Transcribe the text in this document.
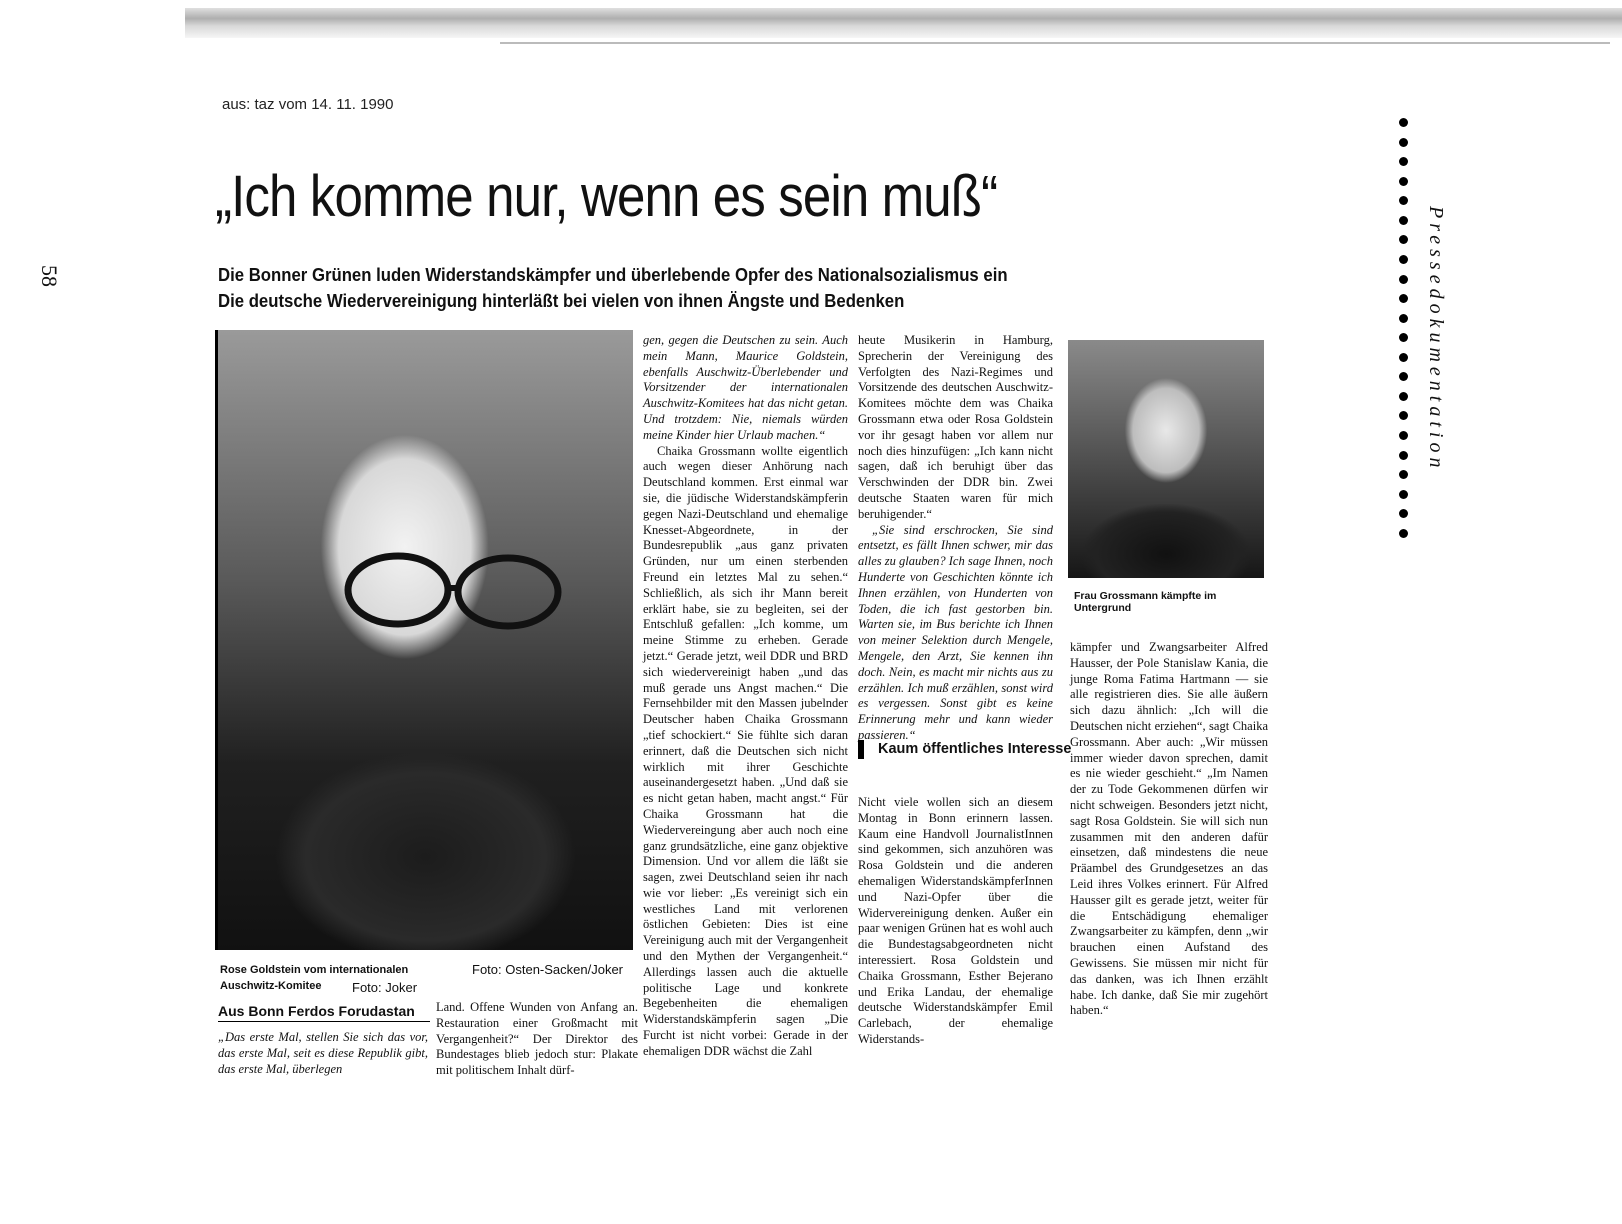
aus: taz vom 14. 11. 1990
58
„Ich komme nur, wenn es sein muß“
Die Bonner Grünen luden Widerstandskämpfer und überlebende Opfer des Nationalsozialismus ein
Die deutsche Wiedervereinigung hinterläßt bei vielen von ihnen Ängste und Bedenken
Foto: Osten-Sacken/Joker
Rose Goldstein vom internationalen Auschwitz-Komitee	Foto: Joker
Aus Bonn Ferdos Forudastan

„Das erste Mal, stellen Sie sich das vor, das erste Mal, seit es diese Republik gibt, das erste Mal, überlegen

Land. Offene Wunden von Anfang an. Restauration einer Großmacht mit Vergangenheit?“ Der Direktor des Bundestages blieb jedoch stur: Plakate mit politischem Inhalt dürf-

gen, gegen die Deutschen zu sein. Auch mein Mann, Maurice Goldstein, ebenfalls Auschwitz-Überlebender und Vorsitzender der internationalen Auschwitz-Komitees hat das nicht getan. Und trotzdem: Nie, niemals würden meine Kinder hier Urlaub machen.“

Chaika Grossmann wollte eigentlich auch wegen dieser Anhörung nach Deutschland kommen. Erst einmal war sie, die jüdische Widerstandskämpferin gegen Nazi-Deutschland und ehemalige Knesset-Abgeordnete, in der Bundesrepublik „aus ganz privaten Gründen, nur um einen sterbenden Freund ein letztes Mal zu sehen.“ Schließlich, als sich ihr Mann bereit erklärt habe, sie zu begleiten, sei der Entschluß gefallen: „Ich komme, um meine Stimme zu erheben. Gerade jetzt.“ Gerade jetzt, weil DDR und BRD sich wiedervereinigt haben „und das muß gerade uns Angst machen.“ Die Fernsehbilder mit den Massen jubelnder Deutscher haben Chaika Grossmann „tief schockiert.“ Sie fühlte sich daran erinnert, daß die Deutschen sich nicht wirklich mit ihrer Geschichte auseinandergesetzt haben. „Und daß sie es nicht getan haben, macht angst.“ Für Chaika Grossmann hat die Wiedervereingung aber auch noch eine ganz grundsätzliche, eine ganz objektive Dimension. Und vor allem die läßt sie sagen, zwei Deutschland seien ihr nach wie vor lieber: „Es vereinigt sich ein westliches Land mit verlorenen östlichen Gebieten: Dies ist eine Vereinigung auch mit der Vergangenheit und den Mythen der Vergangenheit.“ Allerdings lassen auch die aktuelle politische Lage und konkrete Begebenheiten die ehemaligen Widerstands⁠kämpferin sagen „Die Furcht ist nicht vorbei: Gerade in der ehemaligen DDR wächst die Zahl

heute Musikerin in Hamburg, Sprecherin der Vereinigung des Verfolgten des Nazi-Regimes und Vorsitzende des deutschen Auschwitz-Komitees möchte dem was Chaika Grossmann etwa oder Rosa Goldstein vor ihr gesagt haben vor allem nur noch dies hinzufügen: „Ich kann nicht sagen, daß ich beruhigt über das Verschwinden der DDR bin. Zwei deutsche Staaten waren für mich beruhigender.“

„Sie sind erschrocken, Sie sind entsetzt, es fällt Ihnen schwer, mir das alles zu glauben? Ich sage Ihnen, noch Hunderte von Geschichten könnte ich Ihnen erzählen, von Hunderten von Toden, die ich fast gestorben bin. Warten sie, im Bus berichte ich Ihnen von meiner Selektion durch Mengele, Mengele, den Arzt, Sie kennen ihn doch. Nein, es macht mir nichts aus zu erzählen. Ich muß erzählen, sonst wird es vergessen. Sonst gibt es keine Erinnerung mehr und kann wieder passieren.“

Kaum öffentliches Interesse

Nicht viele wollen sich an diesem Montag in Bonn erinnern lassen. Kaum eine Handvoll JournalistInnen sind gekommen, sich anzuhören was Rosa Goldstein und die anderen ehemaligen WiderstandskämpferInnen und Nazi-Opfer über die Widervereinigung denken. Außer ein paar wenigen Grünen hat es wohl auch die Bundestagsabgeordneten nicht interessiert. Rosa Goldstein und Chaika Grossmann, Esther Bejerano und Erika Landau, der ehemalige deutsche Widerstandskämpfer Emil Carlebach, der ehemalige Widerstands-

Frau Grossmann kämpfte im Untergrund

kämpfer und Zwangsarbeiter Alfred Hausser, der Pole Stanislaw Kania, die junge Roma Fatima Hartmann — sie alle registrieren dies. Sie alle äußern sich dazu ähnlich: „Ich will die Deutschen nicht erziehen“, sagt Chaika Grossmann. Aber auch: „Wir müssen immer wieder davon sprechen, damit es nie wieder geschieht.“ „Im Namen der zu Tode Gekommenen dürfen wir nicht schweigen. Besonders jetzt nicht, sagt Rosa Goldstein. Sie will sich nun zusammen mit den anderen dafür einsetzen, daß mindestens die neue Präambel des Grundgesetzes an das Leid ihres Volkes erinnert. Für Alfred Hausser gilt es gerade jetzt, weiter für die Entschädigung ehemaliger Zwangsarbeiter zu kämpfen, denn „wir brauchen einen Aufstand des Gewissens. Sie müssen mir nicht für das danken, was ich Ihnen erzählt habe. Ich danke, daß Sie mir zugehört haben.“

Pressedokumentation
